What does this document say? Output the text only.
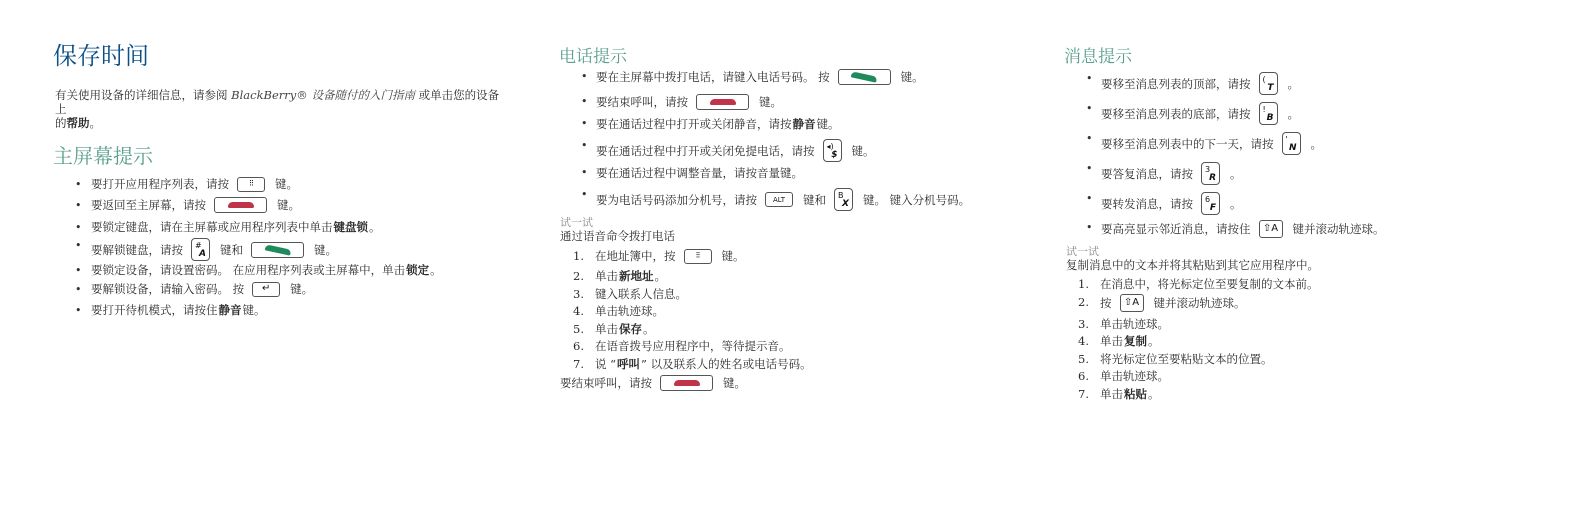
保存时间
有关使用设备的详细信息，请参阅 BlackBerry® 设备随付的入门指南 或单击您的设备上
的帮助。
主屏幕提示
• 要打开应用程序列表，请按	⁝⁝	键。
• 要返回至主屏幕，请按	键。
• 要锁定键盘，请在主屏幕或应用程序列表中单击 键盘锁 。
• 要解锁键盘，请按 #
A 键和	键。
• 要锁定设备，请设置密码。 在应用程序列表或主屏幕中，单击 锁定 。
• 要解锁设备，请输入密码。 按	↵	键。
• 要打开待机模式，请按住 静音 键。
电话提示
• 要在主屏幕中拨打电话，请键入电话号码。 按	键。
• 要结束呼叫，请按	键。
• 要在通话过程中打开或关闭静音，请按 静音 键。
• 要在通话过程中打开或关闭免提电话，请按 ◂)
$ 键。
• 要在通话过程中调整音量，请按音量键。
• 要为电话号码添加分机号，请按	ALT	键和 B
X 键。 键入分机号码。
试一试
通过语音命令拨打电话
1. 在地址簿中，按	⁝⁝	键。
2. 单击 新地址 。
3. 键入联系人信息。
4. 单击轨迹球。
5. 单击 保存 。
6. 在语音拨号应用程序中，等待提示音。
7. 说 “ 呼叫 ” 以及联系人的姓名或电话号码。
要结束呼叫，请按	键。
消息提示
• 要移至消息列表的顶部，请按 (
T 。
• 要移至消息列表的底部，请按 !
B 。
• 要移至消息列表中的下一天，请按 '
N 。
• 要答复消息，请按 3
R 。
• 要转发消息，请按 6
F 。
• 要高亮显示邻近消息，请按住	⇧A	键并滚动轨迹球。
试一试
复制消息中的文本并将其粘贴到其它应用程序中。
1. 在消息中，将光标定位至要复制的文本前。
2. 按	⇧A	键并滚动轨迹球。
3. 单击轨迹球。
4. 单击 复制 。
5. 将光标定位至要粘贴文本的位置。
6. 单击轨迹球。
7. 单击 粘贴 。
